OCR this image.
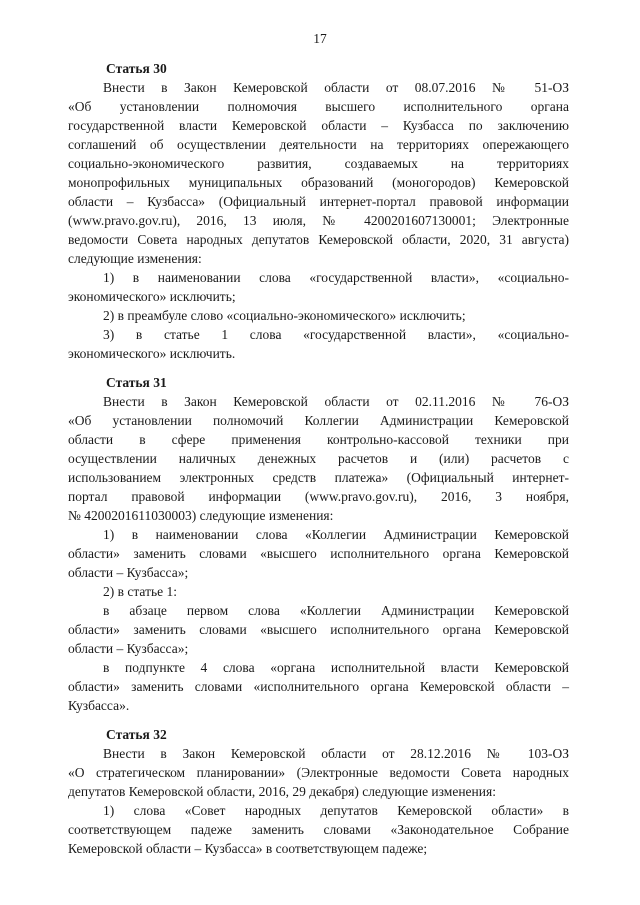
17
Статья 30
Внести в Закон Кемеровской области от 08.07.2016 № 51-ОЗ
«Об установлении полномочия высшего исполнительного органа
государственной власти Кемеровской области – Кузбасса по заключению
соглашений об осуществлении деятельности на территориях опережающего
социально-экономического развития, создаваемых на территориях
монопрофильных муниципальных образований (моногородов) Кемеровской
области – Кузбасса» (Официальный интернет-портал правовой информации
(www.pravo.gov.ru), 2016, 13 июля, № 4200201607130001; Электронные
ведомости Совета народных депутатов Кемеровской области, 2020, 31 августа)
следующие изменения:
1) в наименовании слова «государственной власти», «социально-
экономического» исключить;
2) в преамбуле слово «социально-экономического» исключить;
3) в статье 1 слова «государственной власти», «социально-
экономического» исключить.
Статья 31
Внести в Закон Кемеровской области от 02.11.2016 № 76-ОЗ
«Об установлении полномочий Коллегии Администрации Кемеровской
области в сфере применения контрольно-кассовой техники при
осуществлении наличных денежных расчетов и (или) расчетов с
использованием электронных средств платежа» (Официальный интернет-
портал правовой информации (www.pravo.gov.ru), 2016, 3 ноября,
№ 4200201611030003) следующие изменения:
1) в наименовании слова «Коллегии Администрации Кемеровской
области» заменить словами «высшего исполнительного органа Кемеровской
области – Кузбасса»;
2) в статье 1:
в абзаце первом слова «Коллегии Администрации Кемеровской
области» заменить словами «высшего исполнительного органа Кемеровской
области – Кузбасса»;
в подпункте 4 слова «органа исполнительной власти Кемеровской
области» заменить словами «исполнительного органа Кемеровской области –
Кузбасса».
Статья 32
Внести в Закон Кемеровской области от 28.12.2016 № 103-ОЗ
«О стратегическом планировании» (Электронные ведомости Совета народных
депутатов Кемеровской области, 2016, 29 декабря) следующие изменения:
1) слова «Совет народных депутатов Кемеровской области» в
соответствующем падеже заменить словами «Законодательное Собрание
Кемеровской области – Кузбасса» в соответствующем падеже;
